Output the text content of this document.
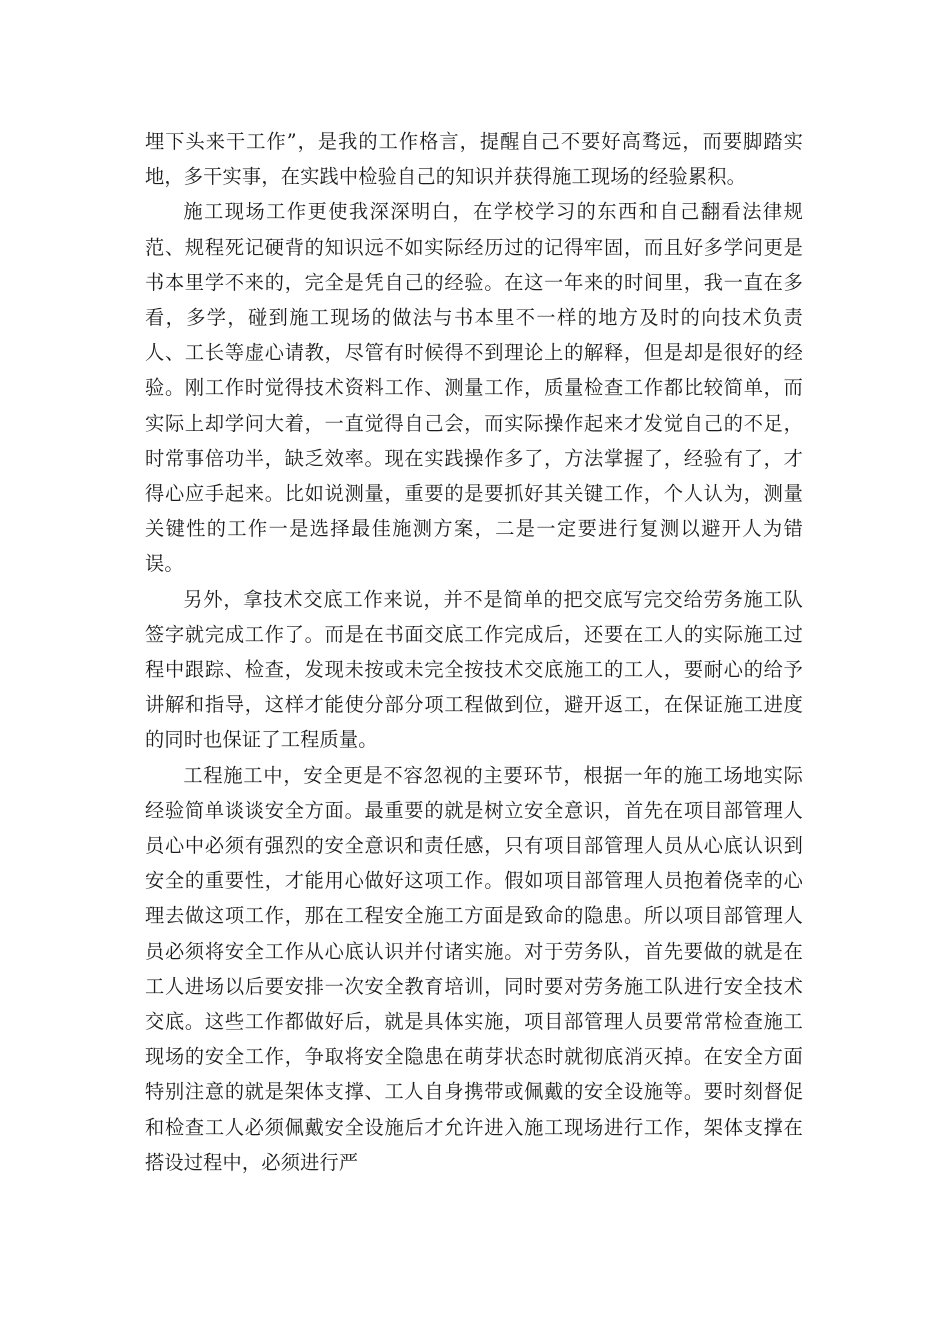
埋下头来干工作”，是我的工作格言，提醒自己不要好高骛远，而要脚踏实地，多干实事，在实践中检验自己的知识并获得施工现场的经验累积。

施工现场工作更使我深深明白，在学校学习的东西和自己翻看法律规范、规程死记硬背的知识远不如实际经历过的记得牢固，而且好多学问更是书本里学不来的，完全是凭自己的经验。在这一年来的时间里，我一直在多看，多学，碰到施工现场的做法与书本里不一样的地方及时的向技术负责人、工长等虚心请教，尽管有时候得不到理论上的解释，但是却是很好的经验。刚工作时觉得技术资料工作、测量工作，质量检查工作都比较简单，而实际上却学问大着，一直觉得自己会，而实际操作起来才发觉自己的不足，时常事倍功半，缺乏效率。现在实践操作多了，方法掌握了，经验有了，才得心应手起来。比如说测量，重要的是要抓好其关键工作，个人认为，测量关键性的工作一是选择最佳施测方案，二是一定要进行复测以避开人为错误。

另外，拿技术交底工作来说，并不是简单的把交底写完交给劳务施工队签字就完成工作了。而是在书面交底工作完成后，还要在工人的实际施工过程中跟踪、检查，发现未按或未完全按技术交底施工的工人，要耐心的给予讲解和指导，这样才能使分部分项工程做到位，避开返工，在保证施工进度的同时也保证了工程质量。

工程施工中，安全更是不容忽视的主要环节，根据一年的施工场地实际经验简单谈谈安全方面。最重要的就是树立安全意识，首先在项目部管理人员心中必须有强烈的安全意识和责任感，只有项目部管理人员从心底认识到安全的重要性，才能用心做好这项工作。假如项目部管理人员抱着侥幸的心理去做这项工作，那在工程安全施工方面是致命的隐患。所以项目部管理人员必须将安全工作从心底认识并付诸实施。对于劳务队，首先要做的就是在工人进场以后要安排一次安全教育培训，同时要对劳务施工队进行安全技术交底。这些工作都做好后，就是具体实施，项目部管理人员要常常检查施工现场的安全工作，争取将安全隐患在萌芽状态时就彻底消灭掉。在安全方面特别注意的就是架体支撑、工人自身携带或佩戴的安全设施等。要时刻督促和检查工人必须佩戴安全设施后才允许进入施工现场进行工作，架体支撑在搭设过程中，必须进行严
